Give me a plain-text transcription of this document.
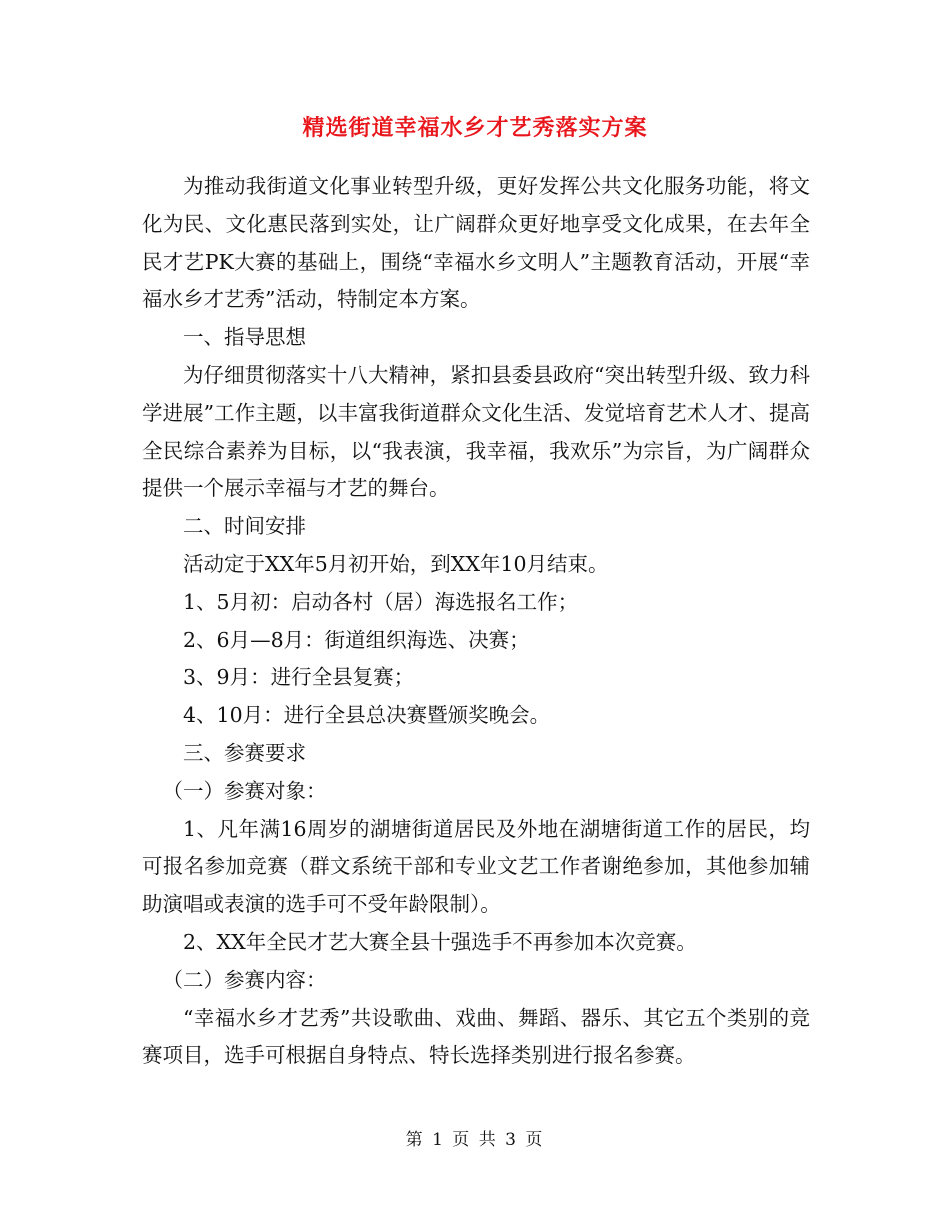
精选街道幸福水乡才艺秀落实方案

为推动我街道文化事业转型升级，更好发挥公共文化服务功能，将文化为民、文化惠民落到实处，让广阔群众更好地享受文化成果，在去年全民才艺PK大赛的基础上，围绕“幸福水乡文明人”主题教育活动，开展“幸福水乡才艺秀”活动，特制定本方案。

一、指导思想

为仔细贯彻落实十八大精神，紧扣县委县政府“突出转型升级、致力科学进展”工作主题，以丰富我街道群众文化生活、发觉培育艺术人才、提高全民综合素养为目标，以“我表演，我幸福，我欢乐”为宗旨，为广阔群众提供一个展示幸福与才艺的舞台。

二、时间安排

活动定于XX年5月初开始，到XX年10月结束。

1、5月初：启动各村（居）海选报名工作；

2、6月—8月：街道组织海选、决赛；

3、9月：进行全县复赛；

4、10月：进行全县总决赛暨颁奖晚会。

三、参赛要求

（一）参赛对象：

1、凡年满16周岁的湖塘街道居民及外地在湖塘街道工作的居民，均可报名参加竞赛（群文系统干部和专业文艺工作者谢绝参加，其他参加辅助演唱或表演的选手可不受年龄限制）。

2、XX年全民才艺大赛全县十强选手不再参加本次竞赛。

（二）参赛内容：

“幸福水乡才艺秀”共设歌曲、戏曲、舞蹈、器乐、其它五个类别的竞赛项目，选手可根据自身特点、特长选择类别进行报名参赛。

第 1 页 共 3 页
